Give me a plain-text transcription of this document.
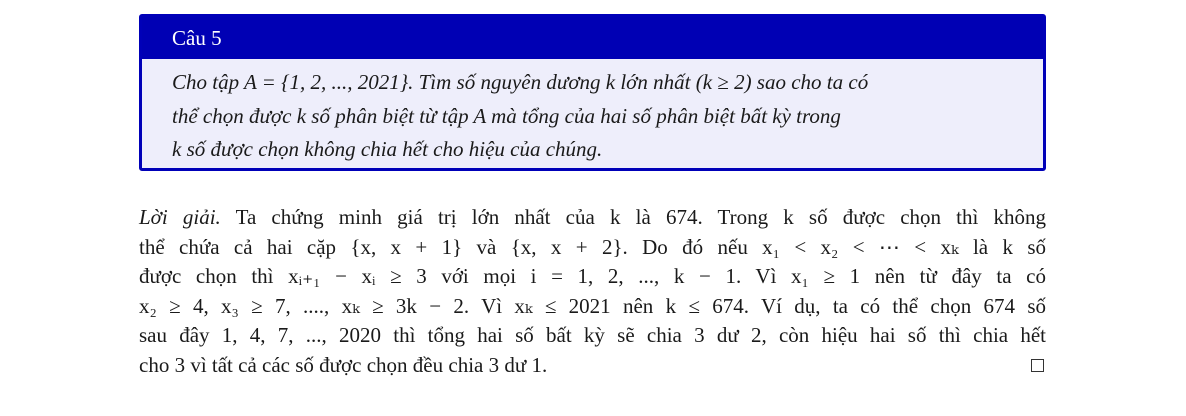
Câu 5
Cho tập A = {1, 2, ..., 2021}. Tìm số nguyên dương k lớn nhất (k ≥ 2) sao cho ta có
thể chọn được k số phân biệt từ tập A mà tổng của hai số phân biệt bất kỳ trong
k số được chọn không chia hết cho hiệu của chúng.
Lời giải. Ta chứng minh giá trị lớn nhất của k là 674. Trong k số được chọn thì không
thể chứa cả hai cặp {x, x + 1} và {x, x + 2}. Do đó nếu x₁ < x₂ < ⋯ < xₖ là k số
được chọn thì xᵢ₊₁ − xᵢ ≥ 3 với mọi i = 1, 2, ..., k − 1. Vì x₁ ≥ 1 nên từ đây ta có
x₂ ≥ 4, x₃ ≥ 7, ...., xₖ ≥ 3k − 2. Vì xₖ ≤ 2021 nên k ≤ 674. Ví dụ, ta có thể chọn 674 số
sau đây 1, 4, 7, ..., 2020 thì tổng hai số bất kỳ sẽ chia 3 dư 2, còn hiệu hai số thì chia hết
cho 3 vì tất cả các số được chọn đều chia 3 dư 1.
